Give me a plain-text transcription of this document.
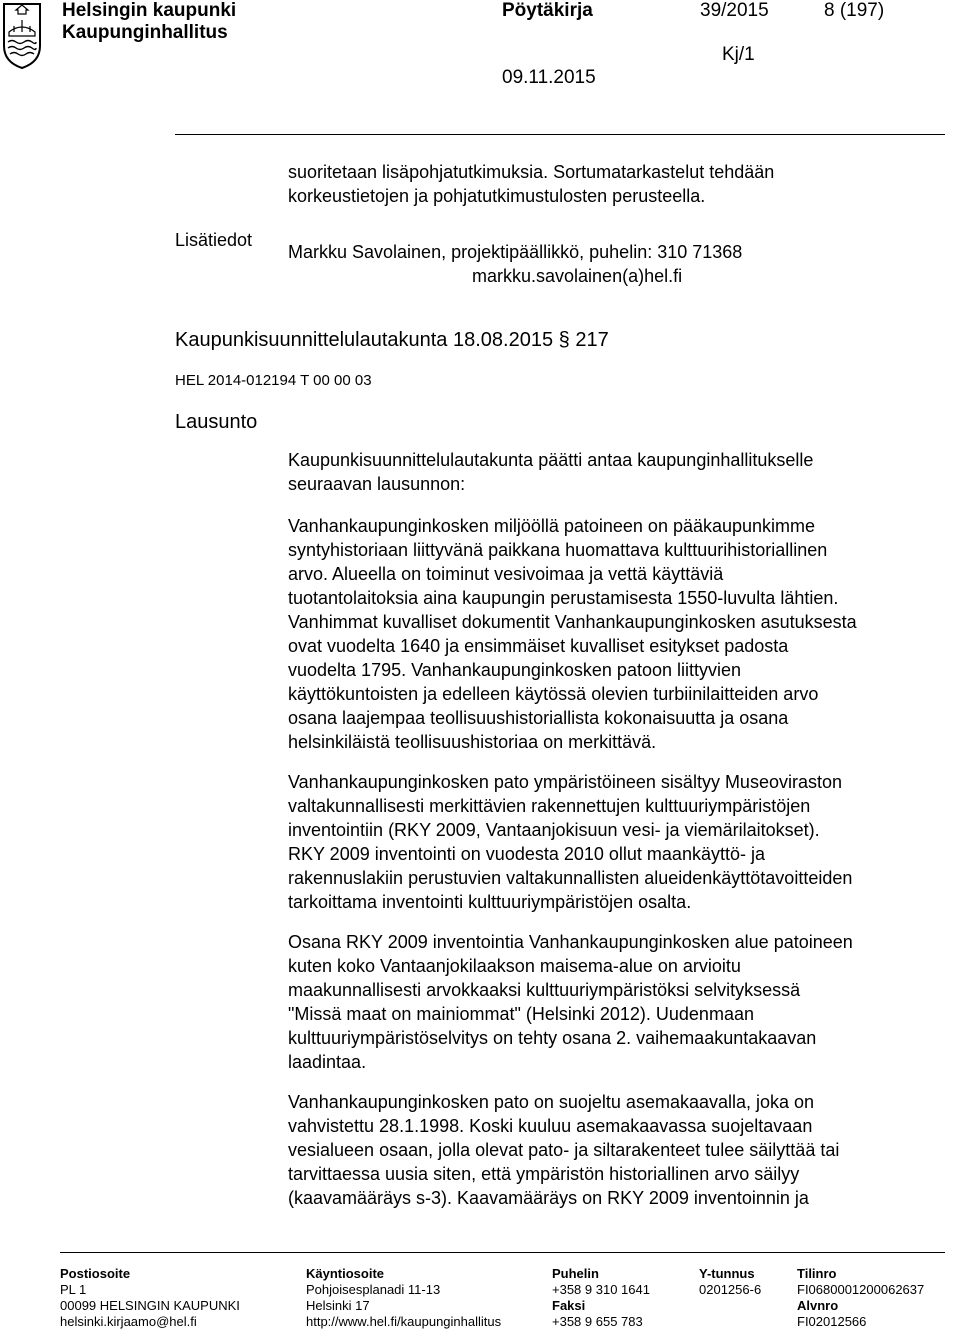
Helsingin kaupunki
Kaupunginhallitus
Pöytäkirja	39/2015	8 (197)
Kj/1
09.11.2015
suoritetaan lisäpohjatutkimuksia. Sortumatarkastelut tehdään
korkeustietojen ja pohjatutkimustulosten perusteella.
Lisätiedot
Markku Savolainen, projektipäällikkö, puhelin: 310 71368
markku.savolainen(a)hel.fi
Kaupunkisuunnittelulautakunta 18.08.2015 § 217
HEL 2014-012194 T 00 00 03
Lausunto
Kaupunkisuunnittelulautakunta päätti antaa kaupunginhallitukselle
seuraavan lausunnon:
Vanhankaupunginkosken miljööllä patoineen on pääkaupunkimme
syntyhistoriaan liittyvänä paikkana huomattava kulttuurihistoriallinen
arvo. Alueella on toiminut vesivoimaa ja vettä käyttäviä
tuotantolaitoksia aina kaupungin perustamisesta 1550-luvulta lähtien.
Vanhimmat kuvalliset dokumentit Vanhankaupunginkosken asutuksesta
ovat vuodelta 1640 ja ensimmäiset kuvalliset esitykset padosta
vuodelta 1795. Vanhankaupunginkosken patoon liittyvien
käyttökuntoisten ja edelleen käytössä olevien turbiinilaitteiden arvo
osana laajempaa teollisuushistoriallista kokonaisuutta ja osana
helsinkiläistä teollisuushistoriaa on merkittävä.
Vanhankaupunginkosken pato ympäristöineen sisältyy Museoviraston
valtakunnallisesti merkittävien rakennettujen kulttuuriympäristöjen
inventointiin (RKY 2009, Vantaanjokisuun vesi- ja viemärilaitokset).
RKY 2009 inventointi on vuodesta 2010 ollut maankäyttö- ja
rakennuslakiin perustuvien valtakunnallisten alueidenkäyttötavoitteiden
tarkoittama inventointi kulttuuriympäristöjen osalta.
Osana RKY 2009 inventointia Vanhankaupunginkosken alue patoineen
kuten koko Vantaanjokilaakson maisema-alue on arvioitu
maakunnallisesti arvokkaaksi kulttuuriympäristöksi selvityksessä
"Missä maat on mainiommat" (Helsinki 2012). Uudenmaan
kulttuuriympäristöselvitys on tehty osana 2. vaihemaakuntakaavan
laadintaa.
Vanhankaupunginkosken pato on suojeltu asemakaavalla, joka on
vahvistettu 28.1.1998. Koski kuuluu asemakaavassa suojeltavaan
vesialueen osaan, jolla olevat pato- ja siltarakenteet tulee säilyttää tai
tarvittaessa uusia siten, että ympäristön historiallinen arvo säilyy
(kaavamääräys s-3). Kaavamääräys on RKY 2009 inventoinnin ja
Postiosoite
PL 1
00099 HELSINGIN KAUPUNKI
helsinki.kirjaamo@hel.fi
Käyntiosoite
Pohjoisesplanadi 11-13
Helsinki 17
http://www.hel.fi/kaupunginhallitus
Puhelin
+358 9 310 1641
Faksi
+358 9 655 783
Y-tunnus
0201256-6
Tilinro
FI0680001200062637
Alvnro
FI02012566
